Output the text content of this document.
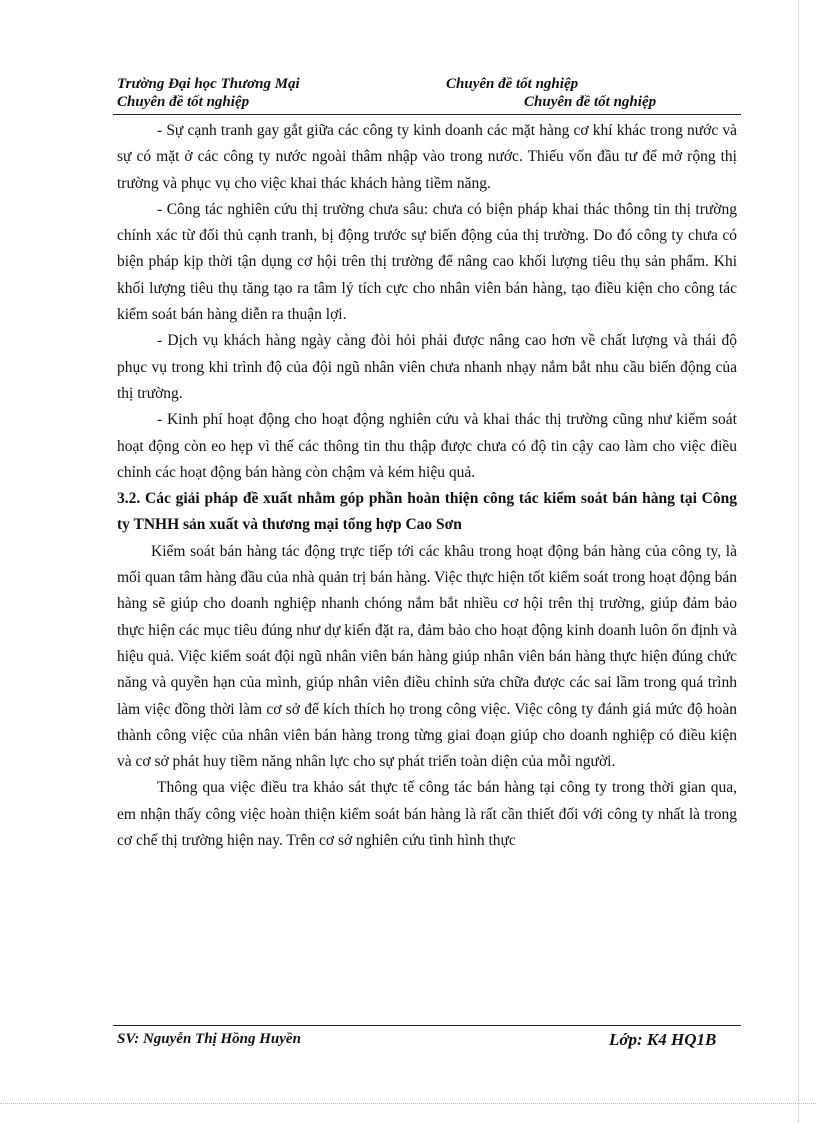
Trường Đại học Thương Mại	Chuyên đề tốt nghiệp
Chuyên đề tốt nghiệp	Chuyên đề tốt nghiệp

- Sự cạnh tranh gay gắt giữa các công ty kinh doanh các mặt hàng cơ khí khác trong nước và sự có mặt ở các công ty nước ngoài thâm nhập vào trong nước. Thiếu vốn đầu tư để mở rộng thị trường và phục vụ cho việc khai thác khách hàng tiềm năng.

- Công tác nghiên cứu thị trường chưa sâu: chưa có biện pháp khai thác thông tin thị trường chính xác từ đối thủ cạnh tranh, bị động trước sự biến động của thị trường. Do đó công ty chưa có biện pháp kịp thời tận dụng cơ hội trên thị trường để nâng cao khối lượng tiêu thụ sản phẩm. Khi khối lượng tiêu thụ tăng tạo ra tâm lý tích cực cho nhân viên bán hàng, tạo điều kiện cho công tác kiểm soát bán hàng diễn ra thuận lợi.

- Dịch vụ khách hàng ngày càng đòi hỏi phải được nâng cao hơn về chất lượng và thái độ phục vụ trong khi trình độ của đội ngũ nhân viên chưa nhanh nhạy nắm bắt nhu cầu biến động của thị trường.

- Kinh phí hoạt động cho hoạt động nghiên cứu và khai thác thị trường cũng như kiểm soát hoạt động còn eo hẹp vì thế các thông tin thu thập được chưa có độ tin cậy cao làm cho việc điều chỉnh các hoạt động bán hàng còn chậm và kém hiệu quả.

3.2. Các giải pháp đề xuất nhằm góp phần hoàn thiện công tác kiểm soát bán hàng tại Công ty TNHH sản xuất và thương mại tổng hợp Cao Sơn

Kiểm soát bán hàng tác động trực tiếp tới các khâu trong hoạt động bán hàng của công ty, là mối quan tâm hàng đầu của nhà quản trị bán hàng. Việc thực hiện tốt kiểm soát trong hoạt động bán hàng sẽ giúp cho doanh nghiệp nhanh chóng nắm bắt nhiều cơ hội trên thị trường, giúp đảm bảo thực hiện các mục tiêu đúng như dự kiến đặt ra, đảm bảo cho hoạt động kinh doanh luôn ổn định và hiệu quả. Việc kiểm soát đội ngũ nhân viên bán hàng giúp nhân viên bán hàng thực hiện đúng chức năng và quyền hạn của mình, giúp nhân viên điều chỉnh sửa chữa được các sai lầm trong quá trình làm việc đồng thời làm cơ sở để kích thích họ trong công việc. Việc công ty đánh giá mức độ hoàn thành công việc của nhân viên bán hàng trong từng giai đoạn giúp cho doanh nghiệp có điều kiện và cơ sở phát huy tiềm năng nhân lực cho sự phát triển toàn diện của mỗi người.

Thông qua việc điều tra khảo sát thực tế công tác bán hàng tại công ty trong thời gian qua, em nhận thấy công việc hoàn thiện kiểm soát bán hàng là rất cần thiết đối với công ty nhất là trong cơ chế thị trường hiện nay. Trên cơ sở nghiên cứu tình hình thực

SV: Nguyễn Thị Hồng Huyền	Lớp: K4 HQ1B
